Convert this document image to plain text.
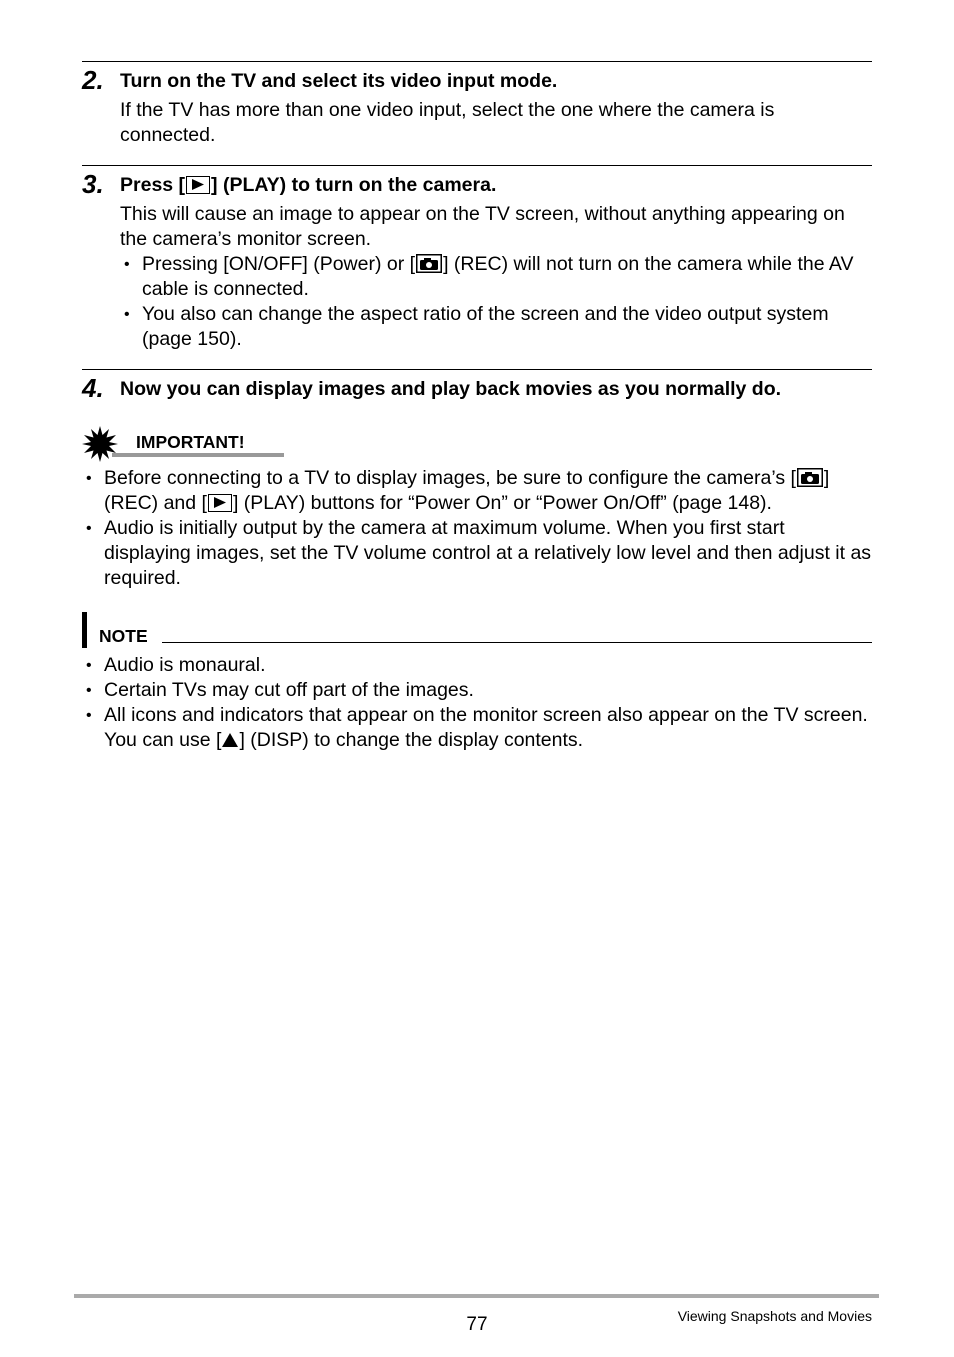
2. Turn on the TV and select its video input mode.
If the TV has more than one video input, select the one where the camera is connected.
3. Press [ ] (PLAY) to turn on the camera.
This will cause an image to appear on the TV screen, without anything appearing on the camera’s monitor screen.
• Pressing [ON/OFF] (Power) or [ ] (REC) will not turn on the camera while the AV cable is connected.
• You also can change the aspect ratio of the screen and the video output system (page 150).
4. Now you can display images and play back movies as you normally do.
IMPORTANT!
• Before connecting to a TV to display images, be sure to configure the camera’s [ ] (REC) and [ ] (PLAY) buttons for “Power On” or “Power On/Off” (page 148).
• Audio is initially output by the camera at maximum volume. When you first start displaying images, set the TV volume control at a relatively low level and then adjust it as required.
NOTE
• Audio is monaural.
• Certain TVs may cut off part of the images.
• All icons and indicators that appear on the monitor screen also appear on the TV screen. You can use [ ] (DISP) to change the display contents.
77	Viewing Snapshots and Movies
